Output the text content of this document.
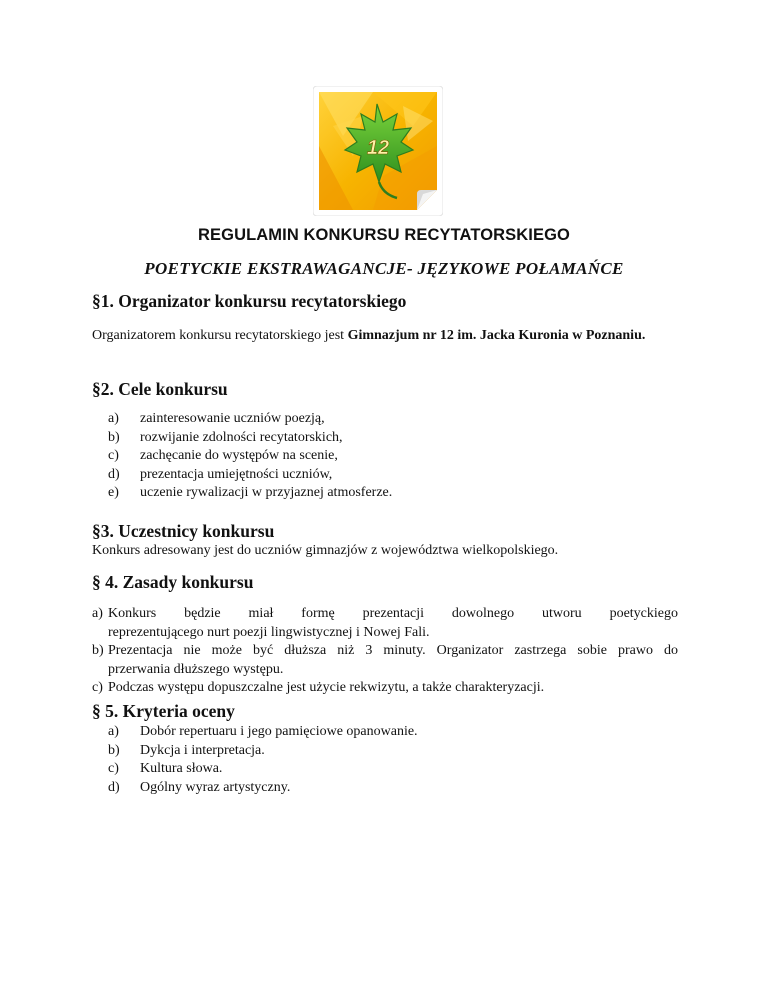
12
REGULAMIN KONKURSU RECYTATORSKIEGO
POETYCKIE EKSTRAWAGANCJE- JĘZYKOWE POŁAMAŃCE
§1. Organizator konkursu recytatorskiego
Organizatorem konkursu recytatorskiego jest Gimnazjum nr 12 im. Jacka Kuronia w Poznaniu.
§2. Cele konkursu
a) zainteresowanie uczniów poezją,
b) rozwijanie zdolności recytatorskich,
c) zachęcanie do występów na scenie,
d) prezentacja umiejętności uczniów,
e) uczenie rywalizacji w przyjaznej atmosferze.
§3. Uczestnicy konkursu
Konkurs adresowany jest do uczniów gimnazjów z województwa wielkopolskiego.
§ 4. Zasady konkursu
a) Konkurs będzie miał formę prezentacji dowolnego utworu poetyckiego
reprezentującego nurt poezji lingwistycznej i Nowej Fali.
b) Prezentacja nie może być dłuższa niż 3 minuty. Organizator zastrzega sobie prawo do
przerwania dłuższego występu.
c) Podczas występu dopuszczalne jest użycie rekwizytu, a także charakteryzacji.
§ 5. Kryteria oceny
a) Dobór repertuaru i jego pamięciowe opanowanie.
b) Dykcja i interpretacja.
c) Kultura słowa.
d) Ogólny wyraz artystyczny.
